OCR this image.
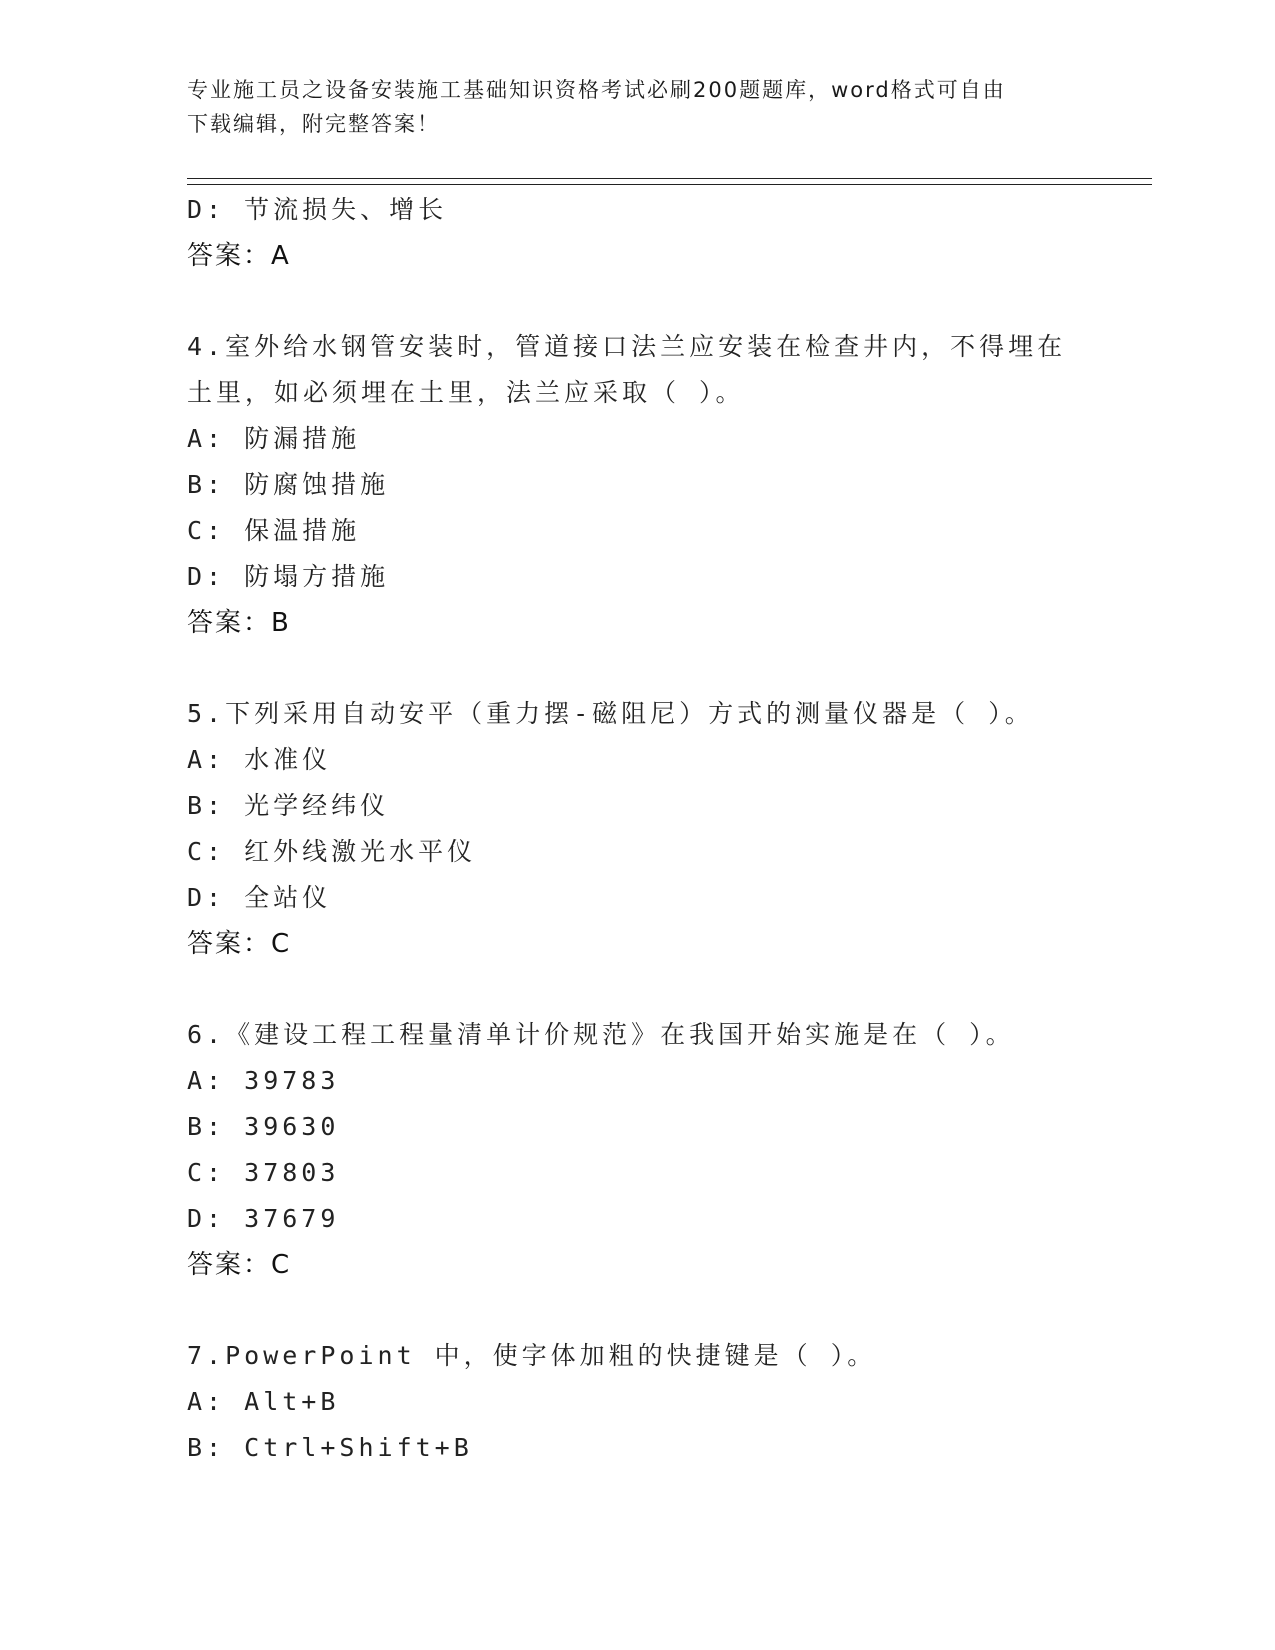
专业施工员之设备安装施工基础知识资格考试必刷200题题库，word格式可自由
下载编辑，附完整答案！
D: 节流损失、增长
答案：A
4.室外给水钢管安装时，管道接口法兰应安装在检查井内，不得埋在
土里，如必须埋在土里，法兰应采取（ ）。
A: 防漏措施
B: 防腐蚀措施
C: 保温措施
D: 防塌方措施
答案：B
5.下列采用自动安平（重力摆-磁阻尼）方式的测量仪器是（ ）。
A: 水准仪
B: 光学经纬仪
C: 红外线激光水平仪
D: 全站仪
答案：C
6.《建设工程工程量清单计价规范》在我国开始实施是在（ ）。
A: 39783
B: 39630
C: 37803
D: 37679
答案：C
7.PowerPoint 中，使字体加粗的快捷键是（ ）。
A: Alt+B
B: Ctrl+Shift+B
